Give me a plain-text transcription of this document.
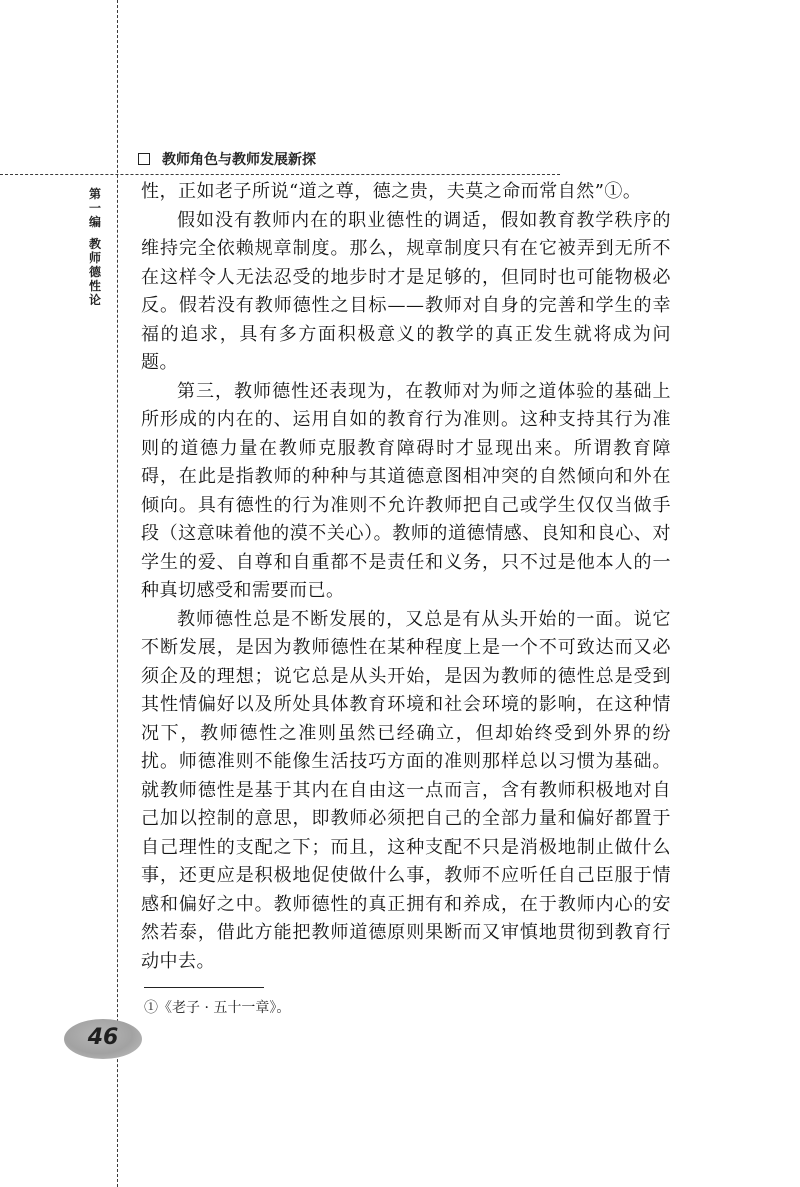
教师角色与教师发展新探
第一编
教师德性论

性，正如老子所说“道之尊，德之贵，夫莫之命而常自然”①。

假如没有教师内在的职业德性的调适，假如教育教学秩序的维持完全依赖规章制度。那么，规章制度只有在它被弄到无所不在这样令人无法忍受的地步时才是足够的，但同时也可能物极必反。假若没有教师德性之目标——教师对自身的完善和学生的幸福的追求，具有多方面积极意义的教学的真正发生就将成为问题。

第三，教师德性还表现为，在教师对为师之道体验的基础上所形成的内在的、运用自如的教育行为准则。这种支持其行为准则的道德力量在教师克服教育障碍时才显现出来。所谓教育障碍，在此是指教师的种种与其道德意图相冲突的自然倾向和外在倾向。具有德性的行为准则不允许教师把自己或学生仅仅当做手段（这意味着他的漠不关心）。教师的道德情感、良知和良心、对学生的爱、自尊和自重都不是责任和义务，只不过是他本人的一种真切感受和需要而已。

教师德性总是不断发展的，又总是有从头开始的一面。说它不断发展，是因为教师德性在某种程度上是一个不可致达而又必须企及的理想；说它总是从头开始，是因为教师的德性总是受到其性情偏好以及所处具体教育环境和社会环境的影响，在这种情况下，教师德性之准则虽然已经确立，但却始终受到外界的纷扰。师德准则不能像生活技巧方面的准则那样总以习惯为基础。就教师德性是基于其内在自由这一点而言，含有教师积极地对自己加以控制的意思，即教师必须把自己的全部力量和偏好都置于自己理性的支配之下；而且，这种支配不只是消极地制止做什么事，还更应是积极地促使做什么事，教师不应听任自己臣服于情感和偏好之中。教师德性的真正拥有和养成，在于教师内心的安然若泰，借此方能把教师道德原则果断而又审慎地贯彻到教育行动中去。

①《老子 · 五十一章》。
46
